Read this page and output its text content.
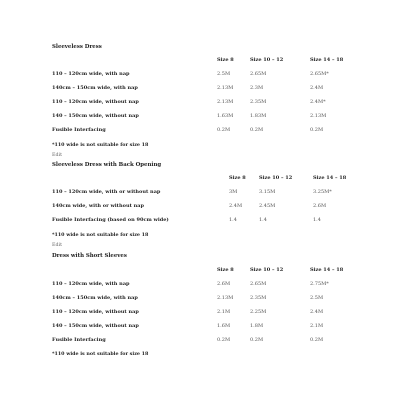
Sleeveless Dress
Size 8	Size 10 – 12	Size 14 – 18
110 – 120cm wide, with nap	2.5M	2.65M	2.65M*
140cm – 150cm wide, with nap	2.13M	2.3M	2.4M
110 – 120cm wide, without nap	2.13M	2.35M	2.4M*
140 – 150cm wide, without nap	1.63M	1.83M	2.13M
Fusible Interfacing	0.2M	0.2M	0.2M
*110 wide is not suitable for size 18
Edit
Sleeveless Dress with Back Opening
Size 8	Size 10 – 12	Size 14 – 18
110 – 120cm wide, with or without nap	3M	3.15M	3.25M*
140cm wide, with or without nap	2.4M	2.45M	2.6M
Fusible Interfacing (based on 90cm wide)	1.4	1.4	1.4
*110 wide is not suitable for size 18
Edit
Dress with Short Sleeves
Size 8	Size 10 – 12	Size 14 – 18
110 – 120cm wide, with nap	2.6M	2.65M	2.75M*
140cm – 150cm wide, with nap	2.13M	2.35M	2.5M
110 – 120cm wide, without nap	2.1M	2.25M	2.4M
140 – 150cm wide, without nap	1.6M	1.8M	2.1M
Fusible Interfacing	0.2M	0.2M	0.2M
*110 wide is not suitable for size 18
